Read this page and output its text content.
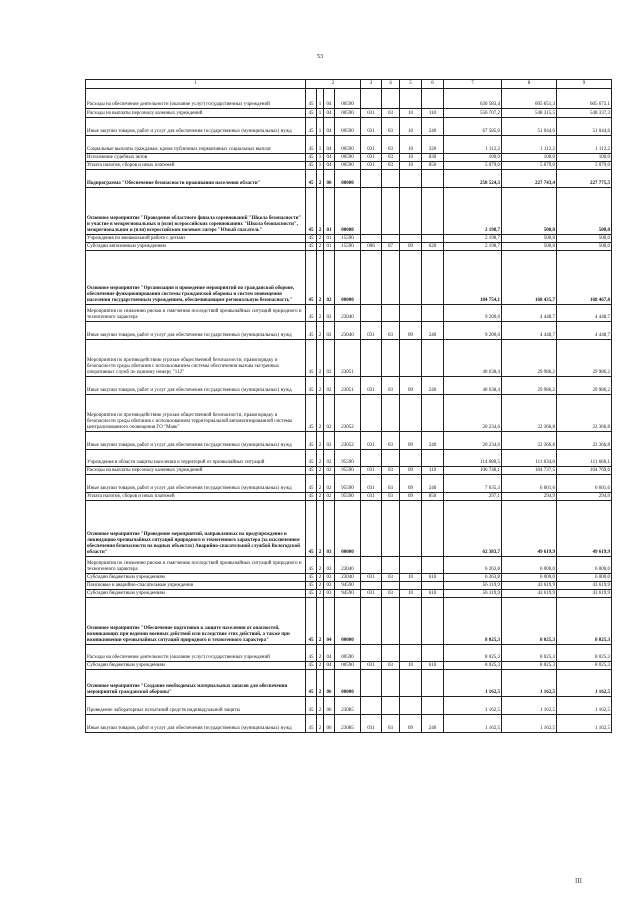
53
1	2				3	4	5	6	7	8	9
Расходы на обеспечение деятельности (оказание услуг) государственных учреждений	45	1	04	00590					630 583,4	605 651,3	605 673,1
Расходы на выплаты персоналу казенных учреждений	45	1	04	00590	031	03	10	110	556 707,2	548 315,5	548 337,3
Иные закупки товаров, работ и услуг для обеспечения государственных (муниципальных) нужд	45	1	04	00590	031	03	10	240	67 585,0	51 044,6	51 044,6
Социальные выплаты гражданам, кроме публичных нормативных социальных выплат	45	1	04	00590	031	03	10	320	1 112,2	1 112,2	1 112,2
Исполнение судебных актов	45	1	04	00590	031	03	10	830	100,0	100,0	100,0
Уплата налогов, сборов и иных платежей	45	1	04	00590	031	03	10	850	5 079,0	5 079,0	5 079,0
Подпрограмма "Обеспечение безопасности проживания населения области"	45	2	00	00000					258 524,3	227 743,4	227 775,5
Основное мероприятие "Проведение областного финала соревнований "Школа безопасности" и участие в межрегиональных и (или) всероссийских соревнованиях "Школа безопасности", межрегиональном и (или) всероссийском полевом лагере "Юный спасатель"	45	2	01	00000					2 198,7	500,0	500,0
Учреждения по внешкольной работе с детьми	45	2	01	15590					2 198,7	500,0	500,0
Субсидии автономным учреждениям	45	2	01	15590	006	07	09	620	2 198,7	500,0	500,0
Основное мероприятие "Организация и проведение мероприятий по гражданской обороне, обеспечение функционирования системы гражданской обороны и систем оповещения населения государственным учреждением, обеспечивающим региональную безопасность"	45	2	02	00000					184 754,1	168 435,7	168 467,8
Мероприятия по снижению рисков и смягчению последствий чрезвычайных ситуаций природного и техногенного характера	45	2	02	23040					9 200,6	4 448,7	4 448,7
Иные закупки товаров, работ и услуг для обеспечения государственных (муниципальных) нужд	45	2	02	23040	031	03	09	240	9 200,6	4 448,7	4 448,7
Мероприятия по противодействию угрозам общественной безопасности, правопорядку и безопасности среды обитания с использованием системы обеспечения вызова экстренных оперативных служб по единому номеру "112"	45	2	02	23051					40 638,4	29 986,2	29 986,2
Иные закупки товаров, работ и услуг для обеспечения государственных (муниципальных) нужд	45	2	02	23051	031	03	09	240	40 638,4	29 986,2	29 986,2
Мероприятия по противодействию угрозам общественной безопасности, правопорядку и безопасности среды обитания с использованием территориальной автоматизированной системы централизованного оповещения ГО "Маяк"	45	2	02	23052					20 234,6	22 366,8	22 366,8
Иные закупки товаров, работ и услуг для обеспечения государственных (муниципальных) нужд	45	2	02	23052	031	03	09	240	20 234,6	22 366,8	22 366,8
Учреждения в области защиты населения и территорий от чрезвычайных ситуаций	45	2	02	95590					114 680,5	111 634,0	111 666,1
Расходы на выплаты персоналу казенных учреждений	45	2	02	95590	031	03	09	110	106 748,1	104 737,5	104 769,6
Иные закупки товаров, работ и услуг для обеспечения государственных (муниципальных) нужд	45	2	02	95590	031	03	09	240	7 635,3	6 601,6	6 601,6
Уплата налогов, сборов и иных платежей	45	2	02	95590	031	03	09	850	297,1	294,9	294,9
Основное мероприятие "Проведение мероприятий, направленных на предупреждение и ликвидацию чрезвычайных ситуаций природного и техногенного характера (за исключением обеспечения безопасности на водных объектах) Аварийно-спасательной службой Вологодской области"	45	2	03	00000					62 383,7	49 619,9	49 619,9
Мероприятия по снижению рисков и смягчению последствий чрезвычайных ситуаций природного и техногенного характера	45	2	03	23040					6 263,8	6 000,0	6 000,0
Субсидии бюджетным учреждениям	45	2	03	23040	031	03	10	610	6 263,8	6 000,0	6 000,0
Поисковые и аварийно-спасательные учреждения	45	2	03	94590					56 119,9	43 619,9	43 619,9
Субсидии бюджетным учреждениям	45	2	03	94590	031	03	10	610	56 119,9	43 619,9	43 619,9
Основное мероприятие "Обеспечение подготовки к защите населения от опасностей, возникающих при ведении военных действий или вследствие этих действий, а также при возникновении чрезвычайных ситуаций природного и техногенного характера"	45	2	04	00000					8 025,3	8 025,3	8 025,3
Расходы на обеспечение деятельности (оказание услуг) государственных учреждений	45	2	04	00590					8 025,3	8 025,3	8 025,3
Субсидии бюджетным учреждениям	45	2	04	00590	031	03	10	610	8 025,3	8 025,3	8 025,3
Основное мероприятие "Создание необходимых материальных запасов для обеспечения мероприятий гражданской обороны"	45	2	06	00000					1 162,5	1 162,5	1 162,5
Проведение лабораторных испытаний средств индивидуальной защиты	45	2	06	23085					1 162,5	1 162,5	1 162,5
Иные закупки товаров, работ и услуг для обеспечения государственных (муниципальных) нужд	45	2	06	23085	031	03	09	240	1 162,5	1 162,5	1 162,5
III
